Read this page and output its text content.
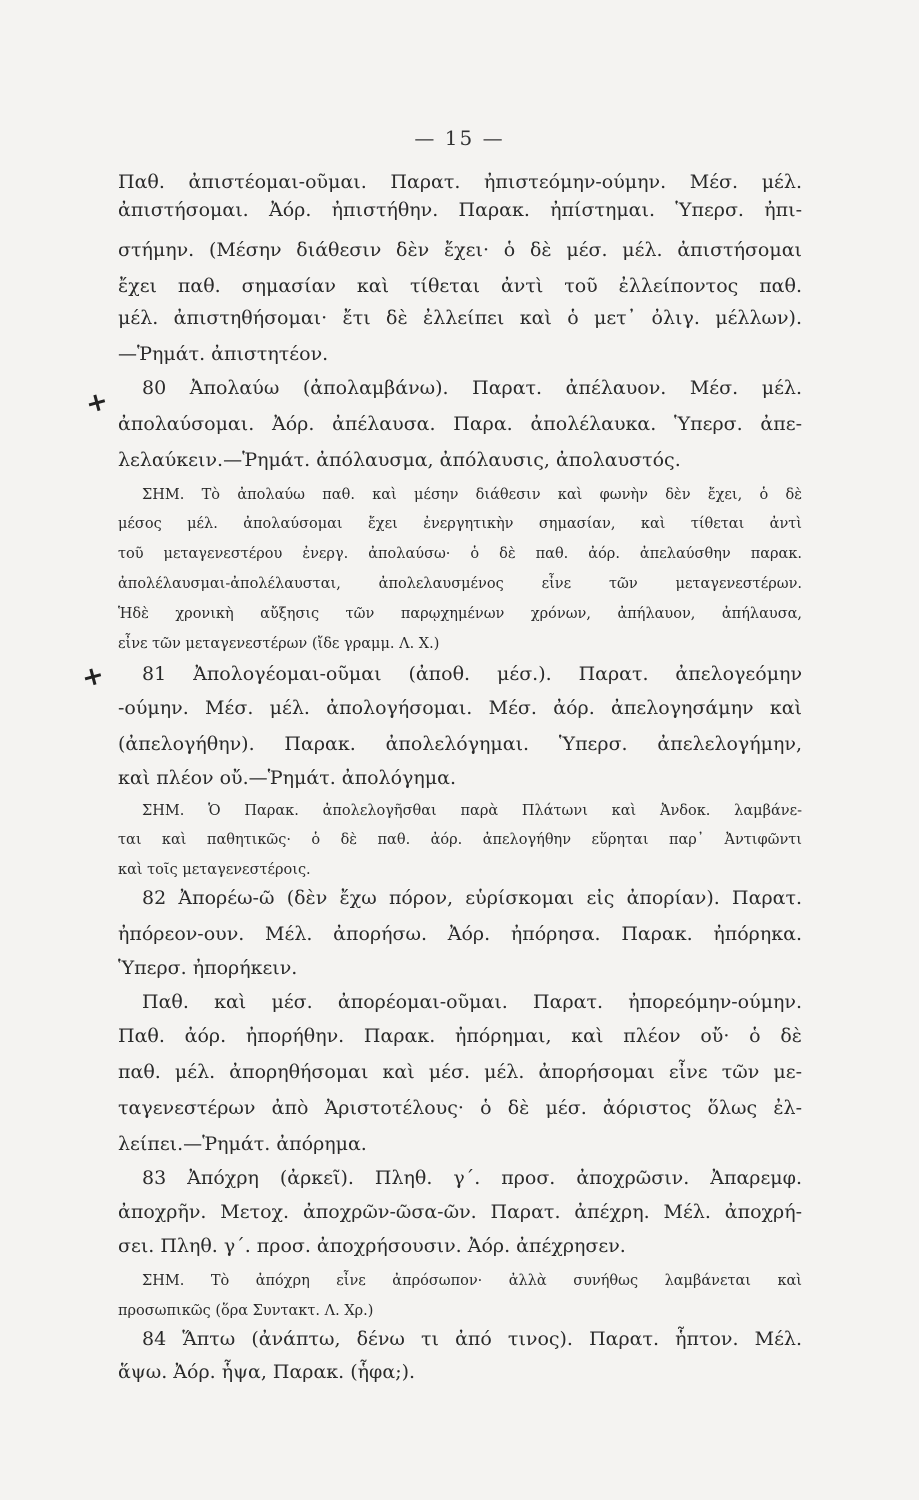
— 15 —
+
+
Παθ. ἀπιστέομαι-οῦμαι. Παρατ. ἠπιστεόμην-ούμην. Μέσ. μέλ.
ἀπιστήσομαι. Ἀόρ. ἠπιστήθην. Παρακ. ἠπίστημαι. Ὑπερσ. ἠπι-
στήμην. (Μέσην διάθεσιν δὲν ἔχει· ὁ δὲ μέσ. μέλ. ἀπιστήσομαι
ἔχει παθ. σημασίαν καὶ τίθεται ἀντὶ τοῦ ἐλλείποντος παθ.
μέλ. ἀπιστηθήσομαι· ἔτι δὲ ἐλλείπει καὶ ὁ μετ᾽ ὀλιγ. μέλλων).
—Ῥημάτ. ἀπιστητέον.
80 Ἀπολαύω (ἀπολαμβάνω). Παρατ. ἀπέλαυον. Μέσ. μέλ.
ἀπολαύσομαι. Ἀόρ. ἀπέλαυσα. Παρα. ἀπολέλαυκα. Ὑπερσ. ἀπε-
λελαύκειν.—Ῥημάτ. ἀπόλαυσμα, ἀπόλαυσις, ἀπολαυστός.
ΣΗΜ. Τὸ ἀπολαύω παθ. καὶ μέσην διάθεσιν καὶ φωνὴν δὲν ἔχει, ὁ δὲ
μέσος μέλ. ἀπολαύσομαι ἔχει ἐνεργητικὴν σημασίαν, καὶ τίθεται ἀντὶ
τοῦ μεταγενεστέρου ἐνεργ. ἀπολαύσω· ὁ δὲ παθ. ἀόρ. ἀπελαύσθην παρακ.
ἀπολέλαυσμαι-ἀπολέλαυσται, ἀπολελαυσμένος εἶνε τῶν μεταγενεστέρων.
Ἡδὲ χρονικὴ αὔξησις τῶν παρῳχημένων χρόνων, ἀπήλαυον, ἀπήλαυσα,
εἶνε τῶν μεταγενεστέρων (ἴδε γραμμ. Λ. Χ.)
81 Ἀπολογέομαι-οῦμαι (ἀποθ. μέσ.). Παρατ. ἀπελογεόμην
-ούμην. Μέσ. μέλ. ἀπολογήσομαι. Μέσ. ἀόρ. ἀπελογησάμην καὶ
(ἀπελογήθην). Παρακ. ἀπολελόγημαι. Ὑπερσ. ἀπελελογήμην,
καὶ πλέον οὔ.—Ῥημάτ. ἀπολόγημα.
ΣΗΜ. Ὁ Παρακ. ἀπολελογῆσθαι παρὰ Πλάτωνι καὶ Ἀνδοκ. λαμβάνε-
ται καὶ παθητικῶς· ὁ δὲ παθ. ἀόρ. ἀπελογήθην εὕρηται παρ᾽ Ἀντιφῶντι
καὶ τοῖς μεταγενεστέροις.
82 Ἀπορέω-ῶ (δὲν ἔχω πόρον, εὑρίσκομαι εἰς ἀπορίαν). Παρατ.
ἠπόρεον-ουν. Μέλ. ἀπορήσω. Ἀόρ. ἠπόρησα. Παρακ. ἠπόρηκα.
Ὑπερσ. ἠπορήκειν.
Παθ. καὶ μέσ. ἀπορέομαι-οῦμαι. Παρατ. ἠπορεόμην-ούμην.
Παθ. ἀόρ. ἠπορήθην. Παρακ. ἠπόρημαι, καὶ πλέον οὔ· ὁ δὲ
παθ. μέλ. ἀπορηθήσομαι καὶ μέσ. μέλ. ἀπορήσομαι εἶνε τῶν με-
ταγενεστέρων ἀπὸ Ἀριστοτέλους· ὁ δὲ μέσ. ἀόριστος ὅλως ἐλ-
λείπει.—Ῥημάτ. ἀπόρημα.
83 Ἀπόχρη (ἀρκεῖ). Πληθ. γ΄. προσ. ἀποχρῶσιν. Ἀπαρεμφ.
ἀποχρῆν. Μετοχ. ἀποχρῶν-ῶσα-ῶν. Παρατ. ἀπέχρη. Μέλ. ἀποχρή-
σει. Πληθ. γ΄. προσ. ἀποχρήσουσιν. Ἀόρ. ἀπέχρησεν.
ΣΗΜ. Τὸ ἀπόχρη εἶνε ἀπρόσωπον· ἀλλὰ συνήθως λαμβάνεται καὶ
προσωπικῶς (ὅρα Συντακτ. Λ. Χρ.)
84 Ἅπτω (ἀνάπτω, δένω τι ἀπό τινος). Παρατ. ἧπτον. Μέλ.
ἅψω. Ἀόρ. ἧψα, Παρακ. (ἧφα;).
